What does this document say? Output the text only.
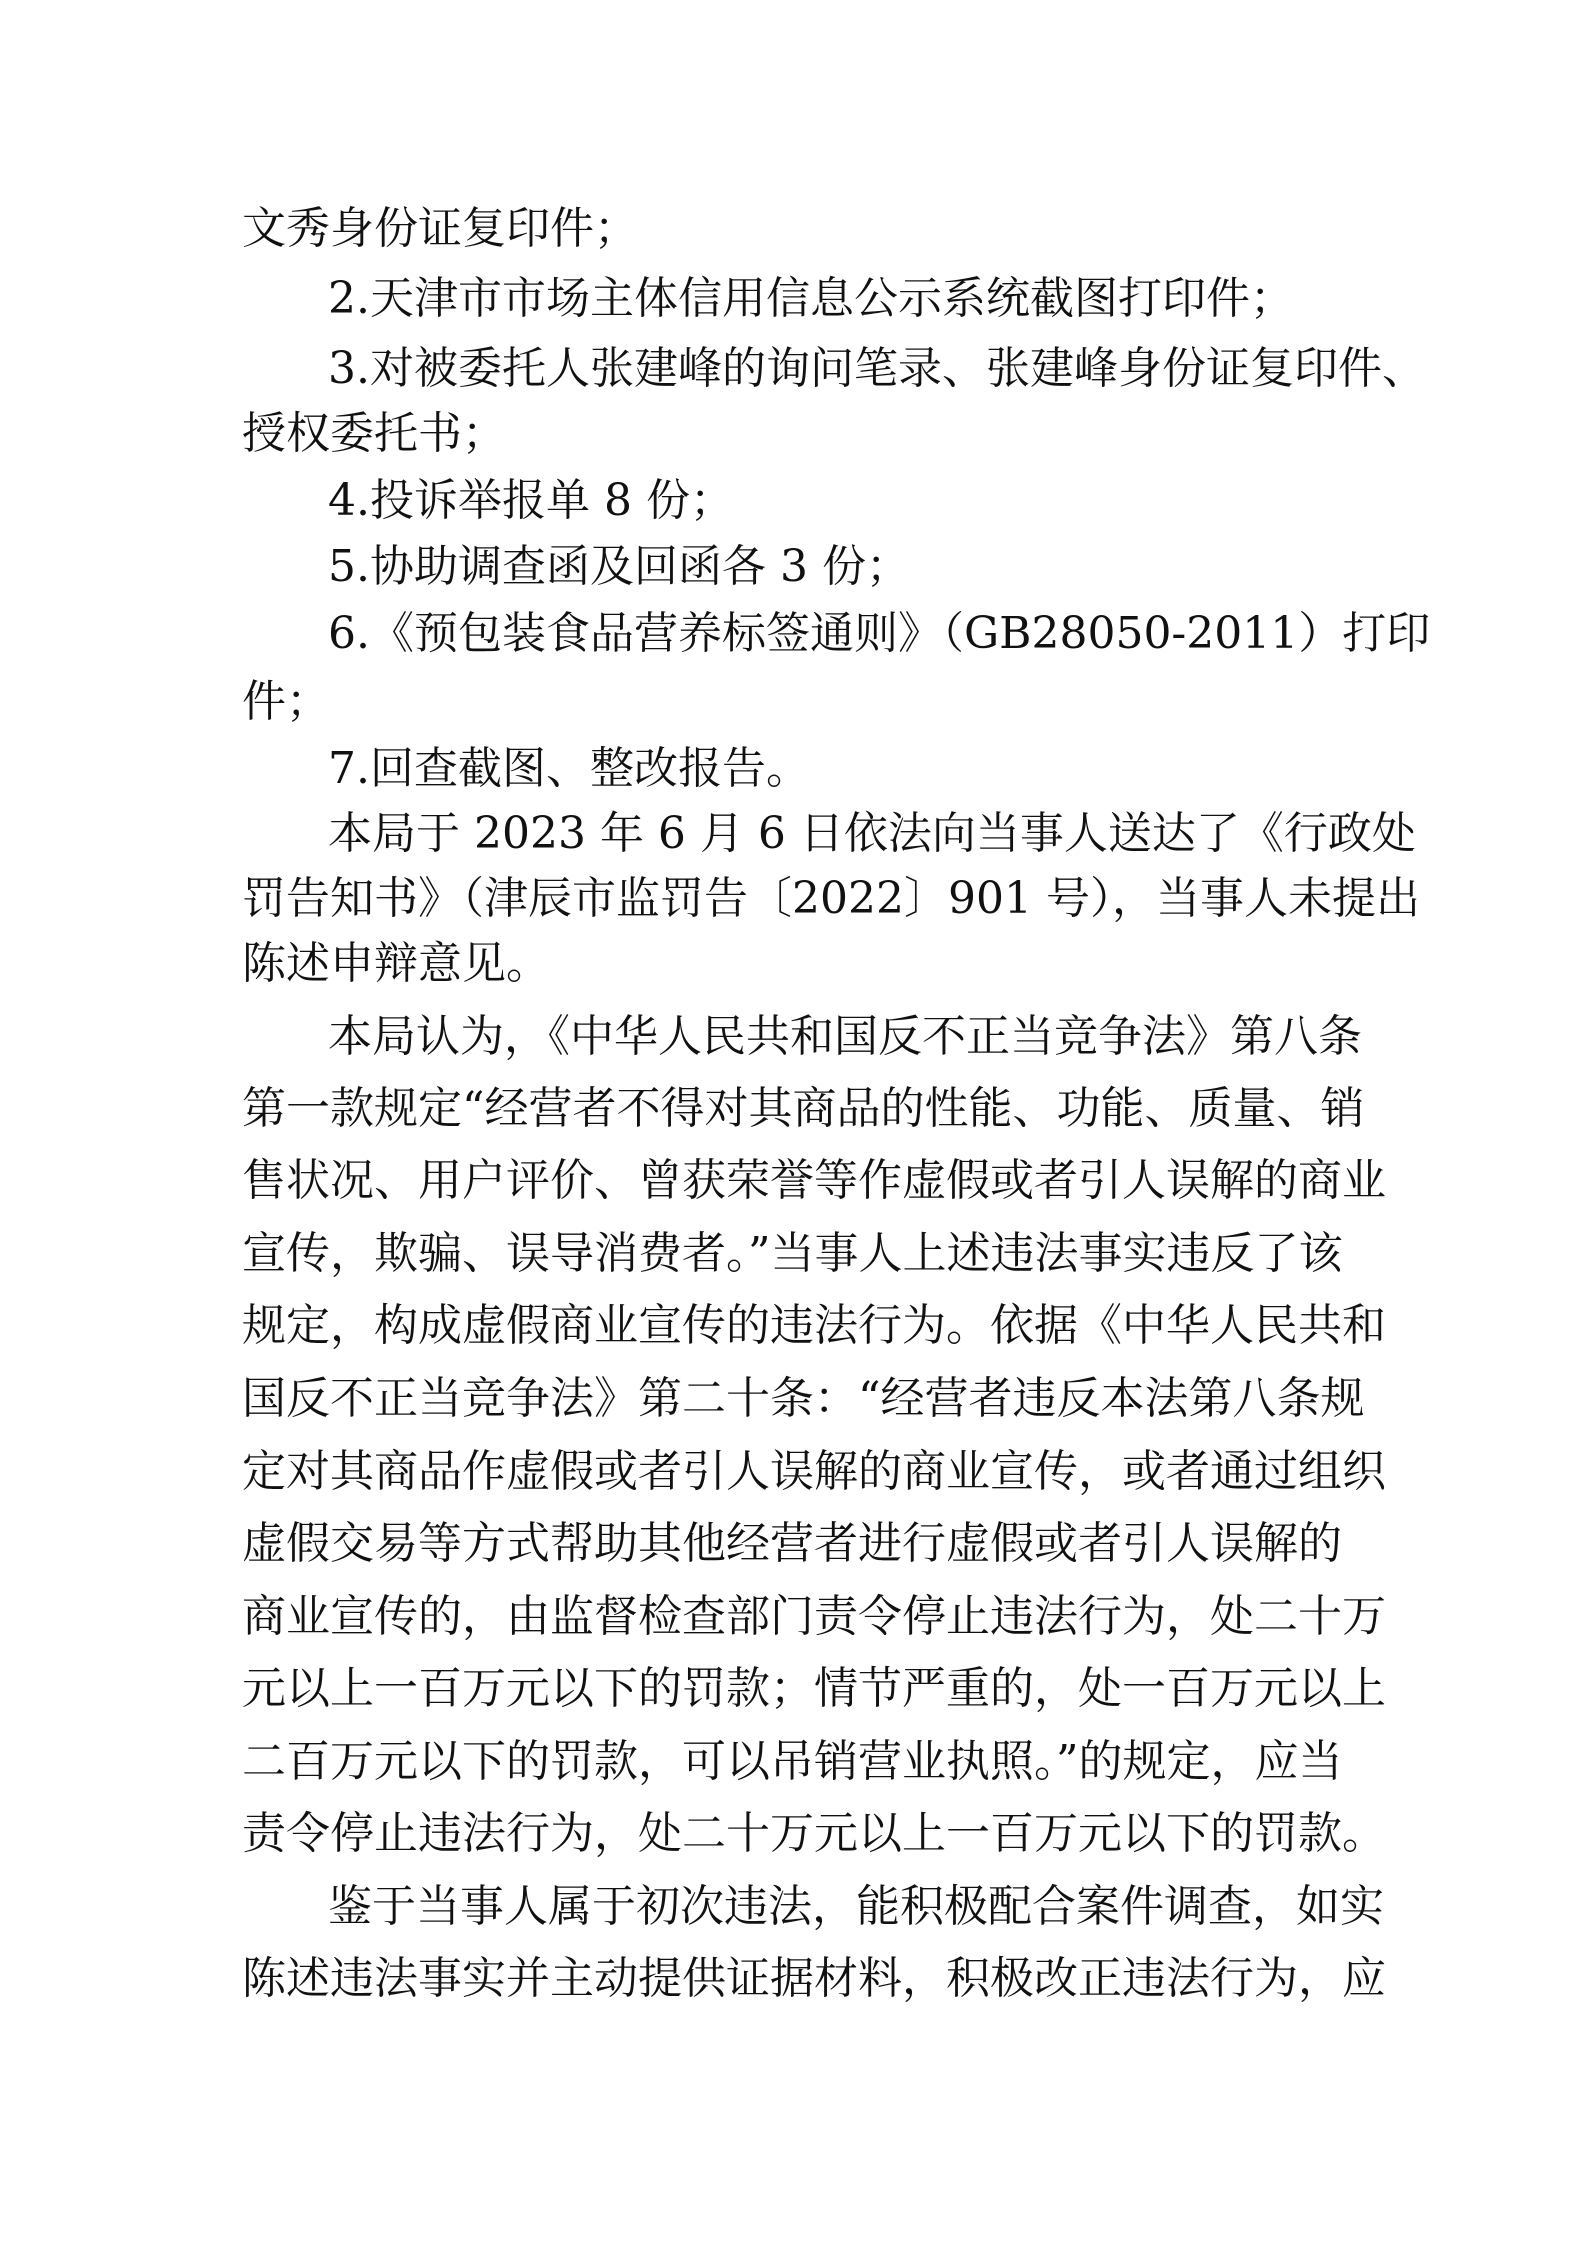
文秀身份证复印件；
2.天津市市场主体信用信息公示系统截图打印件；
3.对被委托人张建峰的询问笔录、张建峰身份证复印件、
授权委托书；
4.投诉举报单 8 份；
5.协助调查函及回函各 3 份；
6.《预包装食品营养标签通则》（GB28050-2011）打印
件；
7.回查截图、整改报告。
本局于 2023 年 6 月 6 日依法向当事人送达了《行政处
罚告知书》（津辰市监罚告〔2022〕901 号），当事人未提出
陈述申辩意见。
本局认为，《中华人民共和国反不正当竞争法》第八条
第一款规定“经营者不得对其商品的性能、功能、质量、销
售状况、用户评价、曾获荣誉等作虚假或者引人误解的商业
宣传，欺骗、误导消费者。”当事人上述违法事实违反了该
规定，构成虚假商业宣传的违法行为。依据《中华人民共和
国反不正当竞争法》第二十条：“经营者违反本法第八条规
定对其商品作虚假或者引人误解的商业宣传，或者通过组织
虚假交易等方式帮助其他经营者进行虚假或者引人误解的
商业宣传的，由监督检查部门责令停止违法行为，处二十万
元以上一百万元以下的罚款；情节严重的，处一百万元以上
二百万元以下的罚款，可以吊销营业执照。”的规定，应当
责令停止违法行为，处二十万元以上一百万元以下的罚款。
鉴于当事人属于初次违法，能积极配合案件调查，如实
陈述违法事实并主动提供证据材料，积极改正违法行为，应
